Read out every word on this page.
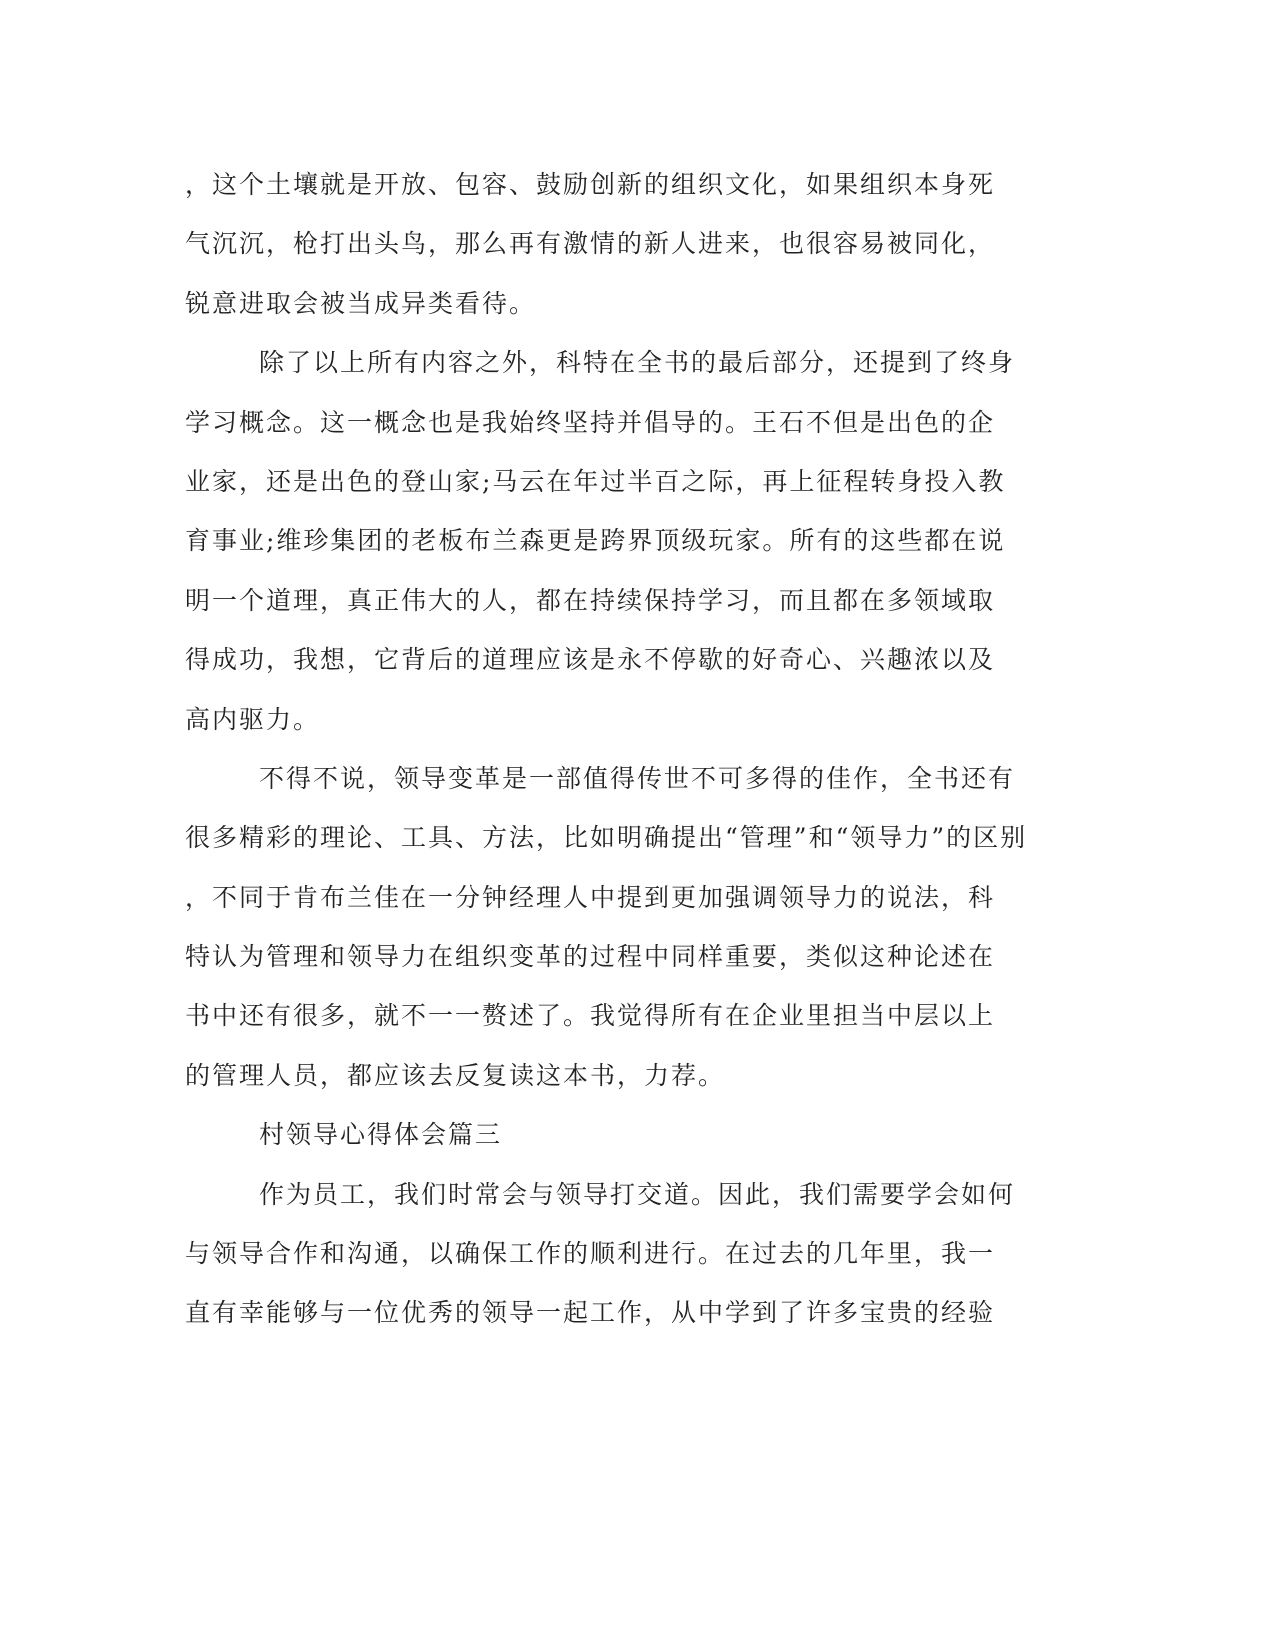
，这个土壤就是开放、包容、鼓励创新的组织文化，如果组织本身死
气沉沉，枪打出头鸟，那么再有激情的新人进来，也很容易被同化，
锐意进取会被当成异类看待。
除了以上所有内容之外，科特在全书的最后部分，还提到了终身
学习概念。这一概念也是我始终坚持并倡导的。王石不但是出色的企
业家，还是出色的登山家;马云在年过半百之际，再上征程转身投入教
育事业;维珍集团的老板布兰森更是跨界顶级玩家。所有的这些都在说
明一个道理，真正伟大的人，都在持续保持学习，而且都在多领域取
得成功，我想，它背后的道理应该是永不停歇的好奇心、兴趣浓以及
高内驱力。
不得不说，领导变革是一部值得传世不可多得的佳作，全书还有
很多精彩的理论、工具、方法，比如明确提出“管理”和“领导力”的区别
，不同于肯布兰佳在一分钟经理人中提到更加强调领导力的说法，科
特认为管理和领导力在组织变革的过程中同样重要，类似这种论述在
书中还有很多，就不一一赘述了。我觉得所有在企业里担当中层以上
的管理人员，都应该去反复读这本书，力荐。
村领导心得体会篇三
作为员工，我们时常会与领导打交道。因此，我们需要学会如何
与领导合作和沟通，以确保工作的顺利进行。在过去的几年里，我一
直有幸能够与一位优秀的领导一起工作，从中学到了许多宝贵的经验
